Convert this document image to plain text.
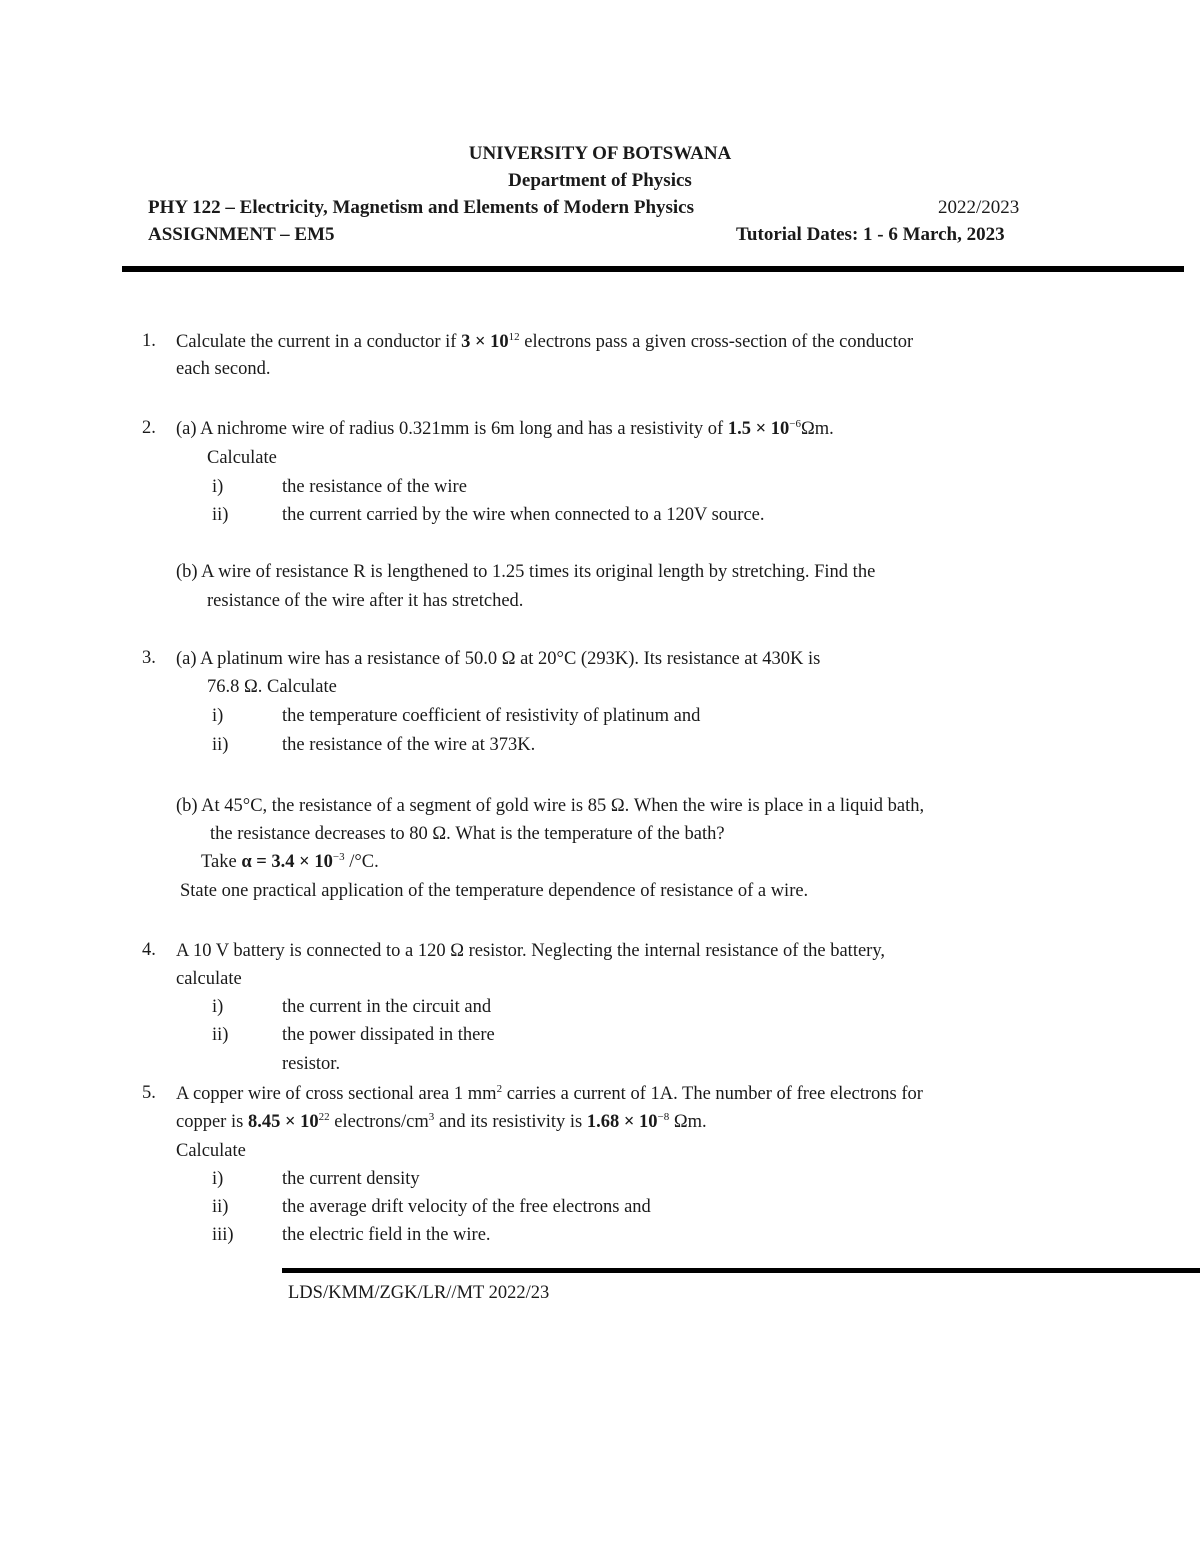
UNIVERSITY OF BOTSWANA
Department of Physics
PHY 122 – Electricity, Magnetism and Elements of Modern Physics	2022/2023
ASSIGNMENT – EM5	Tutorial Dates: 1 - 6 March, 2023
1. Calculate the current in a conductor if $3 \times 10^{12}$ electrons pass a given cross-section of the conductor
each second.
2. (a) A nichrome wire of radius 0.321mm is 6m long and has a resistivity of $1.5 \times 10^{-6}\Omega m$.
Calculate
i)	the resistance of the wire
ii)	the current carried by the wire when connected to a 120V source.
(b) A wire of resistance R is lengthened to 1.25 times its original length by stretching. Find the
resistance of the wire after it has stretched.
3. (a) A platinum wire has a resistance of 50.0 Ω at 20°C (293K). Its resistance at 430K is
76.8 Ω. Calculate
i)	the temperature coefficient of resistivity of platinum and
ii)	the resistance of the wire at 373K.
(b) At 45°C, the resistance of a segment of gold wire is 85 Ω. When the wire is place in a liquid bath,
the resistance decreases to 80 Ω. What is the temperature of the bath?
Take $\alpha = 3.4 \times 10^{-3}$ /°C.
State one practical application of the temperature dependence of resistance of a wire.
4. A 10 V battery is connected to a 120 Ω resistor. Neglecting the internal resistance of the battery,
calculate
i)	the current in the circuit and
ii)	the power dissipated in there
resistor.
5. A copper wire of cross sectional area 1 $mm^2$ carries a current of 1A. The number of free electrons for
copper is $8.45 \times 10^{22}$ electrons/$cm^3$ and its resistivity is $1.68 \times 10^{-8}$ Ωm.
Calculate
i)	the current density
ii)	the average drift velocity of the free electrons and
iii)	the electric field in the wire.
LDS/KMM/ZGK/LR//MT 2022/23
